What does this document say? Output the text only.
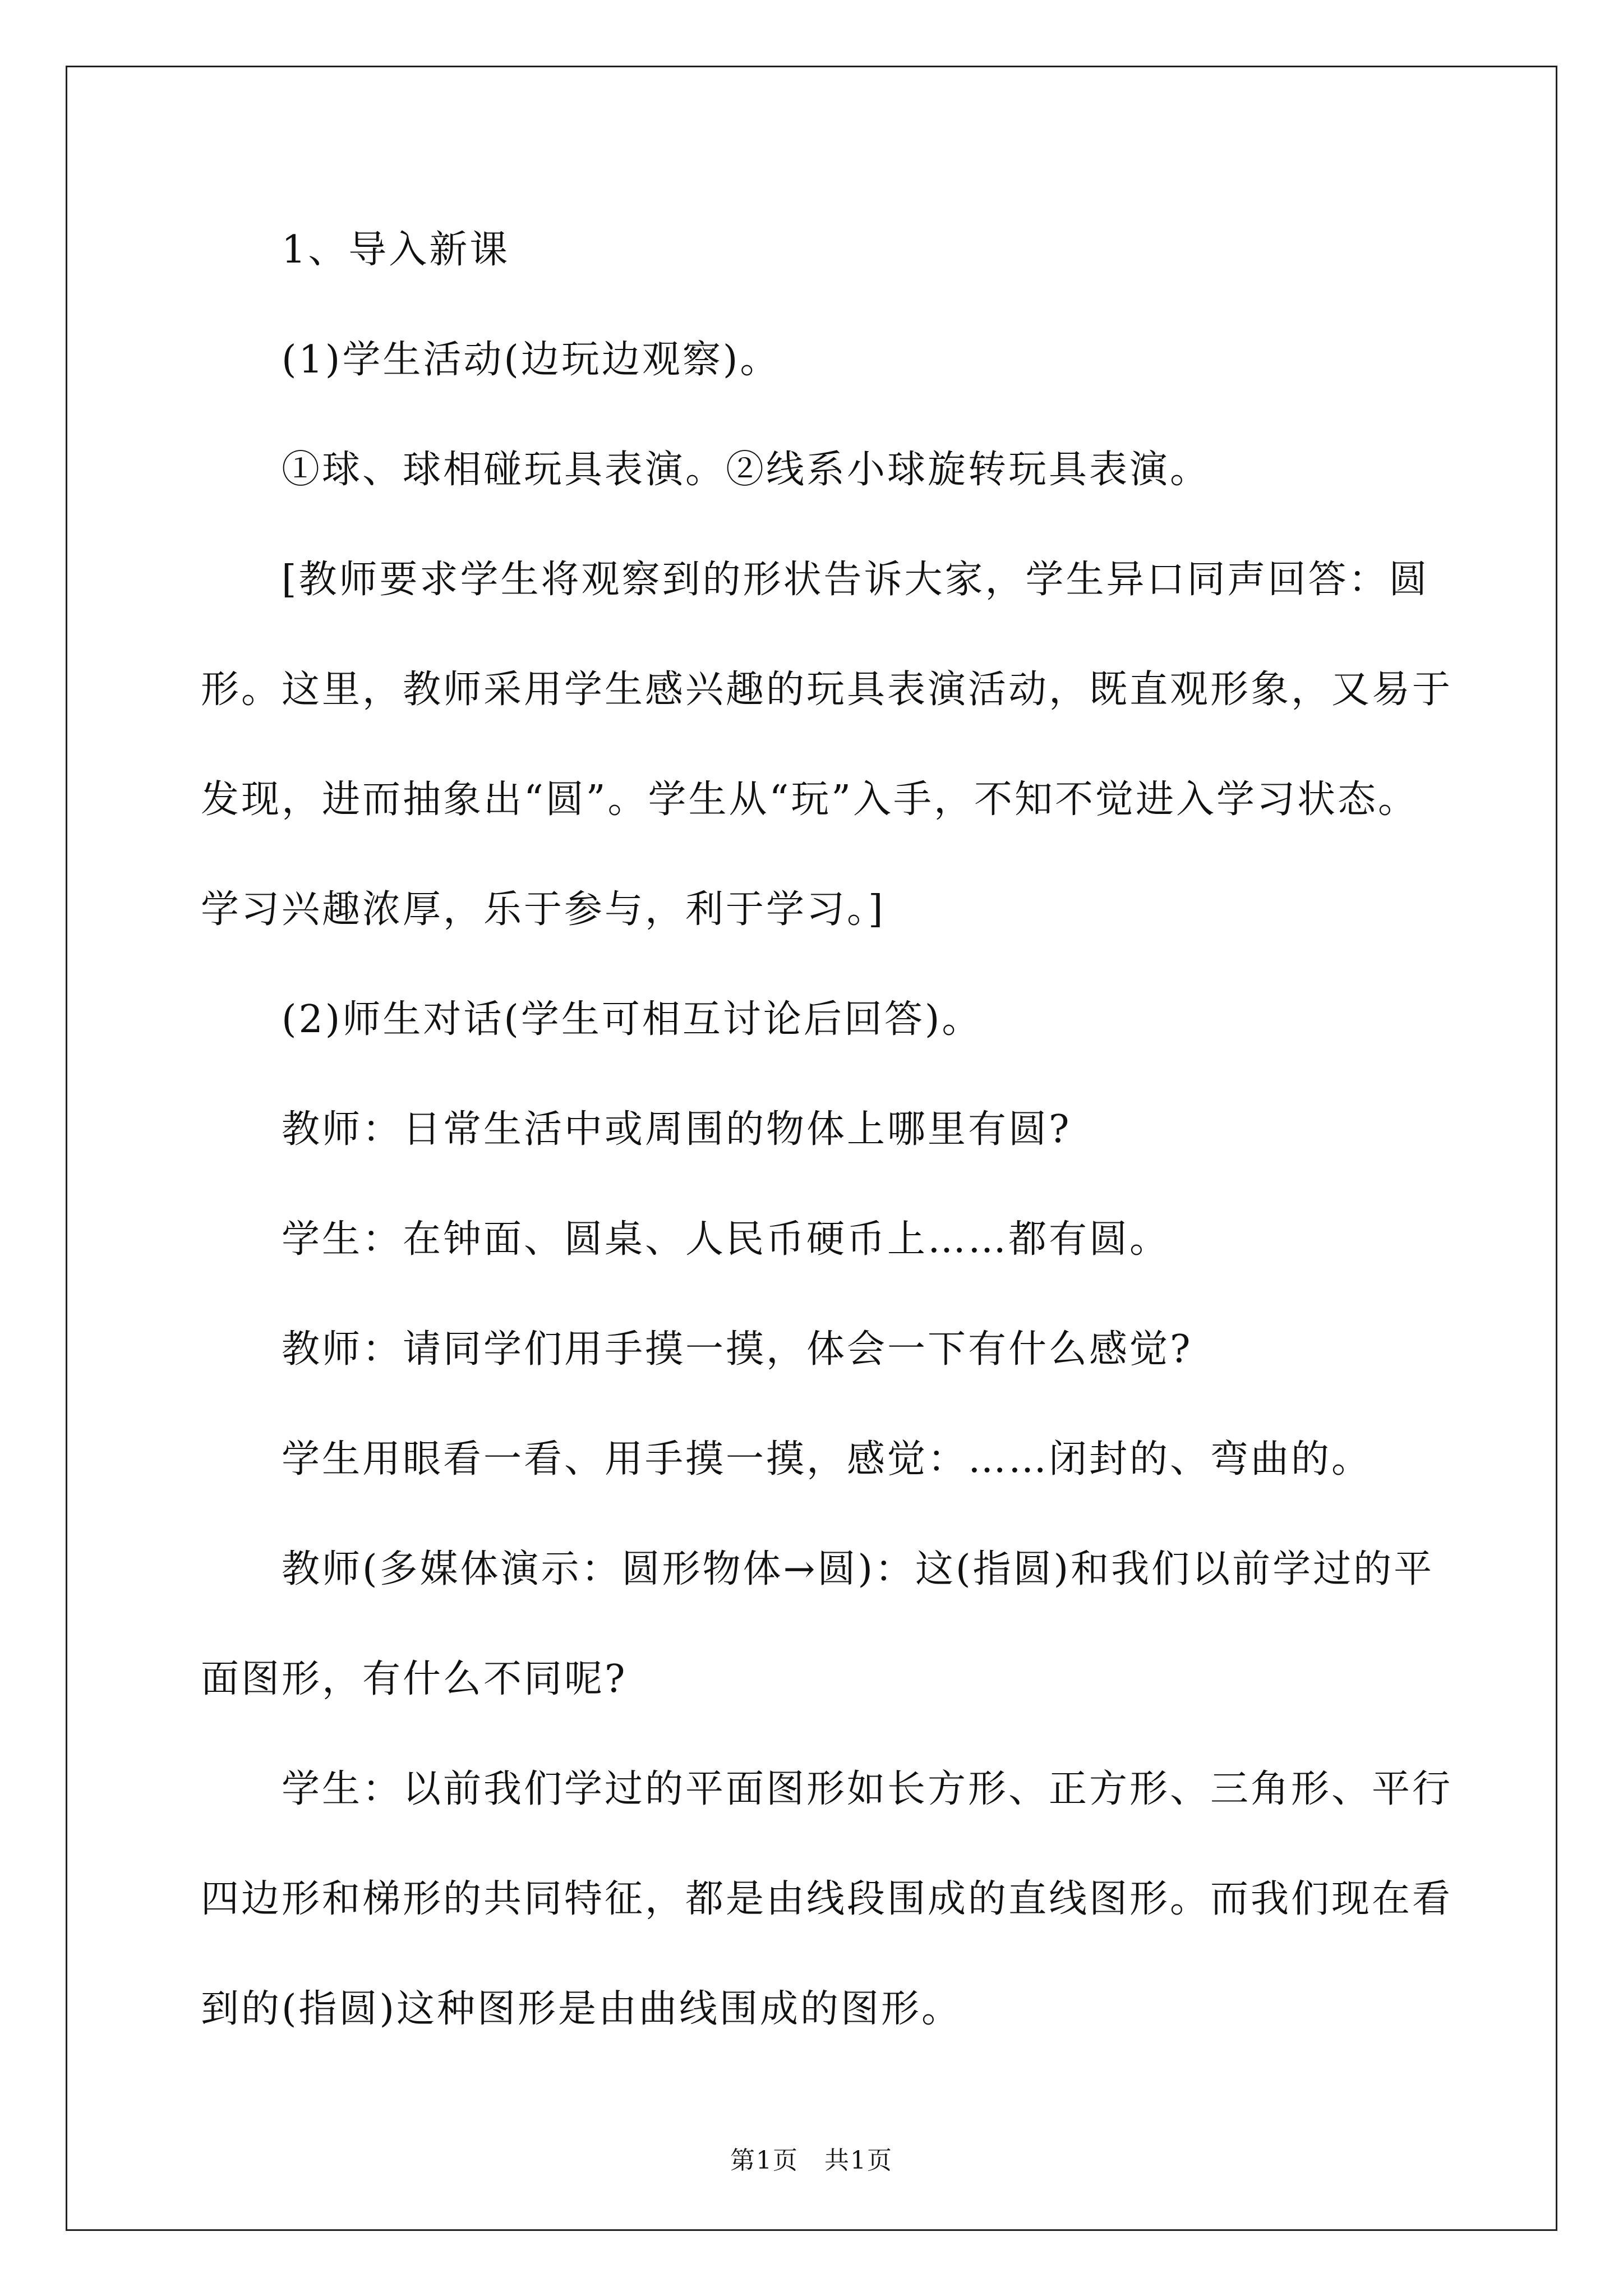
1、导入新课
(1)学生活动(边玩边观察)。
①球、球相碰玩具表演。②线系小球旋转玩具表演。
[教师要求学生将观察到的形状告诉大家，学生异口同声回答：圆形。这里，教师采用学生感兴趣的玩具表演活动，既直观形象，又易于发现，进而抽象出“圆”。学生从“玩”入手，不知不觉进入学习状态。学习兴趣浓厚，乐于参与，利于学习。]
(2)师生对话(学生可相互讨论后回答)。
教师：日常生活中或周围的物体上哪里有圆?
学生：在钟面、圆桌、人民币硬币上……都有圆。
教师：请同学们用手摸一摸，体会一下有什么感觉?
学生用眼看一看、用手摸一摸，感觉：……闭封的、弯曲的。
教师(多媒体演示：圆形物体→圆)：这(指圆)和我们以前学过的平面图形，有什么不同呢?
学生：以前我们学过的平面图形如长方形、正方形、三角形、平行四边形和梯形的共同特征，都是由线段围成的直线图形。而我们现在看到的(指圆)这种图形是由曲线围成的图形。
第1页　共1页
